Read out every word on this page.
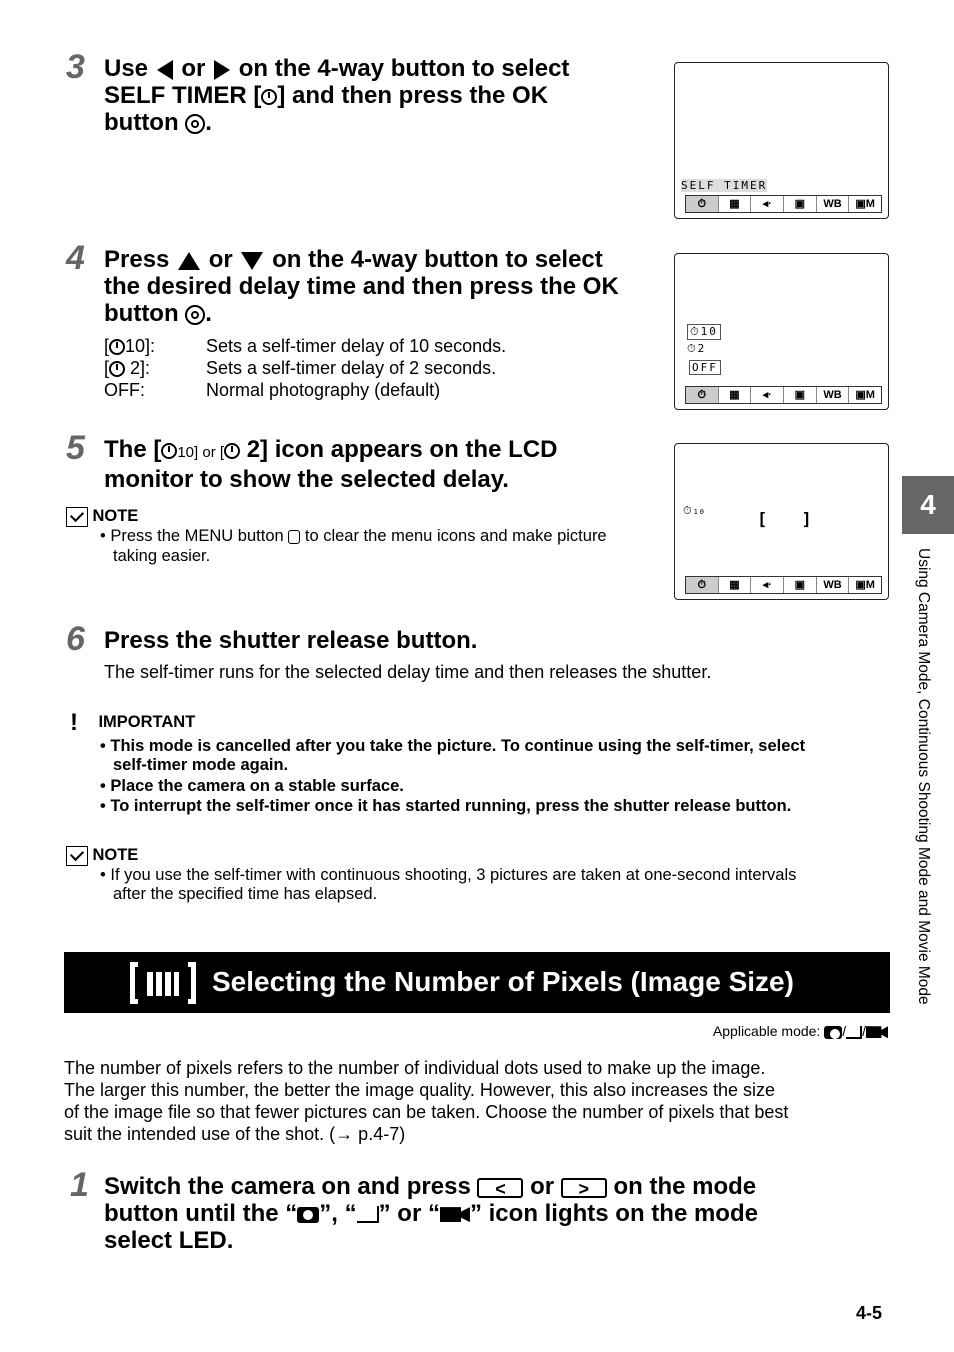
3 Use  or  on the 4-way button to select
SELF TIMER [ ] and then press the OK
button .
SELF TIMER
⏱	▦	◂·	▣	WB	▣M
4 Press  or  on the 4-way button to select
the desired delay time and then press the OK
button .
[ 10]:	Sets a self-timer delay of 10 seconds.
[ 2]:	Sets a self-timer delay of 2 seconds.
OFF:	Normal photography (default)
⏱10
⏱2
OFF
⏱	▦	◂·	▣	WB	▣M
5 The [ 10] or [ 2] icon appears on the LCD
monitor to show the selected delay.
NOTE
• Press the MENU button  to clear the menu icons and make picture
taking easier.
⏱10	[ ]
⏱	▦	◂·	▣	WB	▣M
6 Press the shutter release button.
The self-timer runs for the selected delay time and then releases the shutter.
! IMPORTANT
• This mode is cancelled after you take the picture. To continue using the self-timer, select
self-timer mode again.
• Place the camera on a stable surface.
• To interrupt the self-timer once it has started running, press the shutter release button.
NOTE
• If you use the self-timer with continuous shooting, 3 pictures are taken at one-second intervals
after the specified time has elapsed.
Selecting the Number of Pixels (Image Size)
Applicable mode: / /
The number of pixels refers to the number of individual dots used to make up the image.
The larger this number, the better the image quality. However, this also increases the size
of the image file so that fewer pictures can be taken. Choose the number of pixels that best
suit the intended use of the shot. (→ p.4-7)
1 Switch the camera on and press < or > on the mode
button until the “ ”, “ ” or “ ” icon lights on the mode
select LED.
4
Using Camera Mode, Continuous Shooting Mode and Movie Mode
4-5
